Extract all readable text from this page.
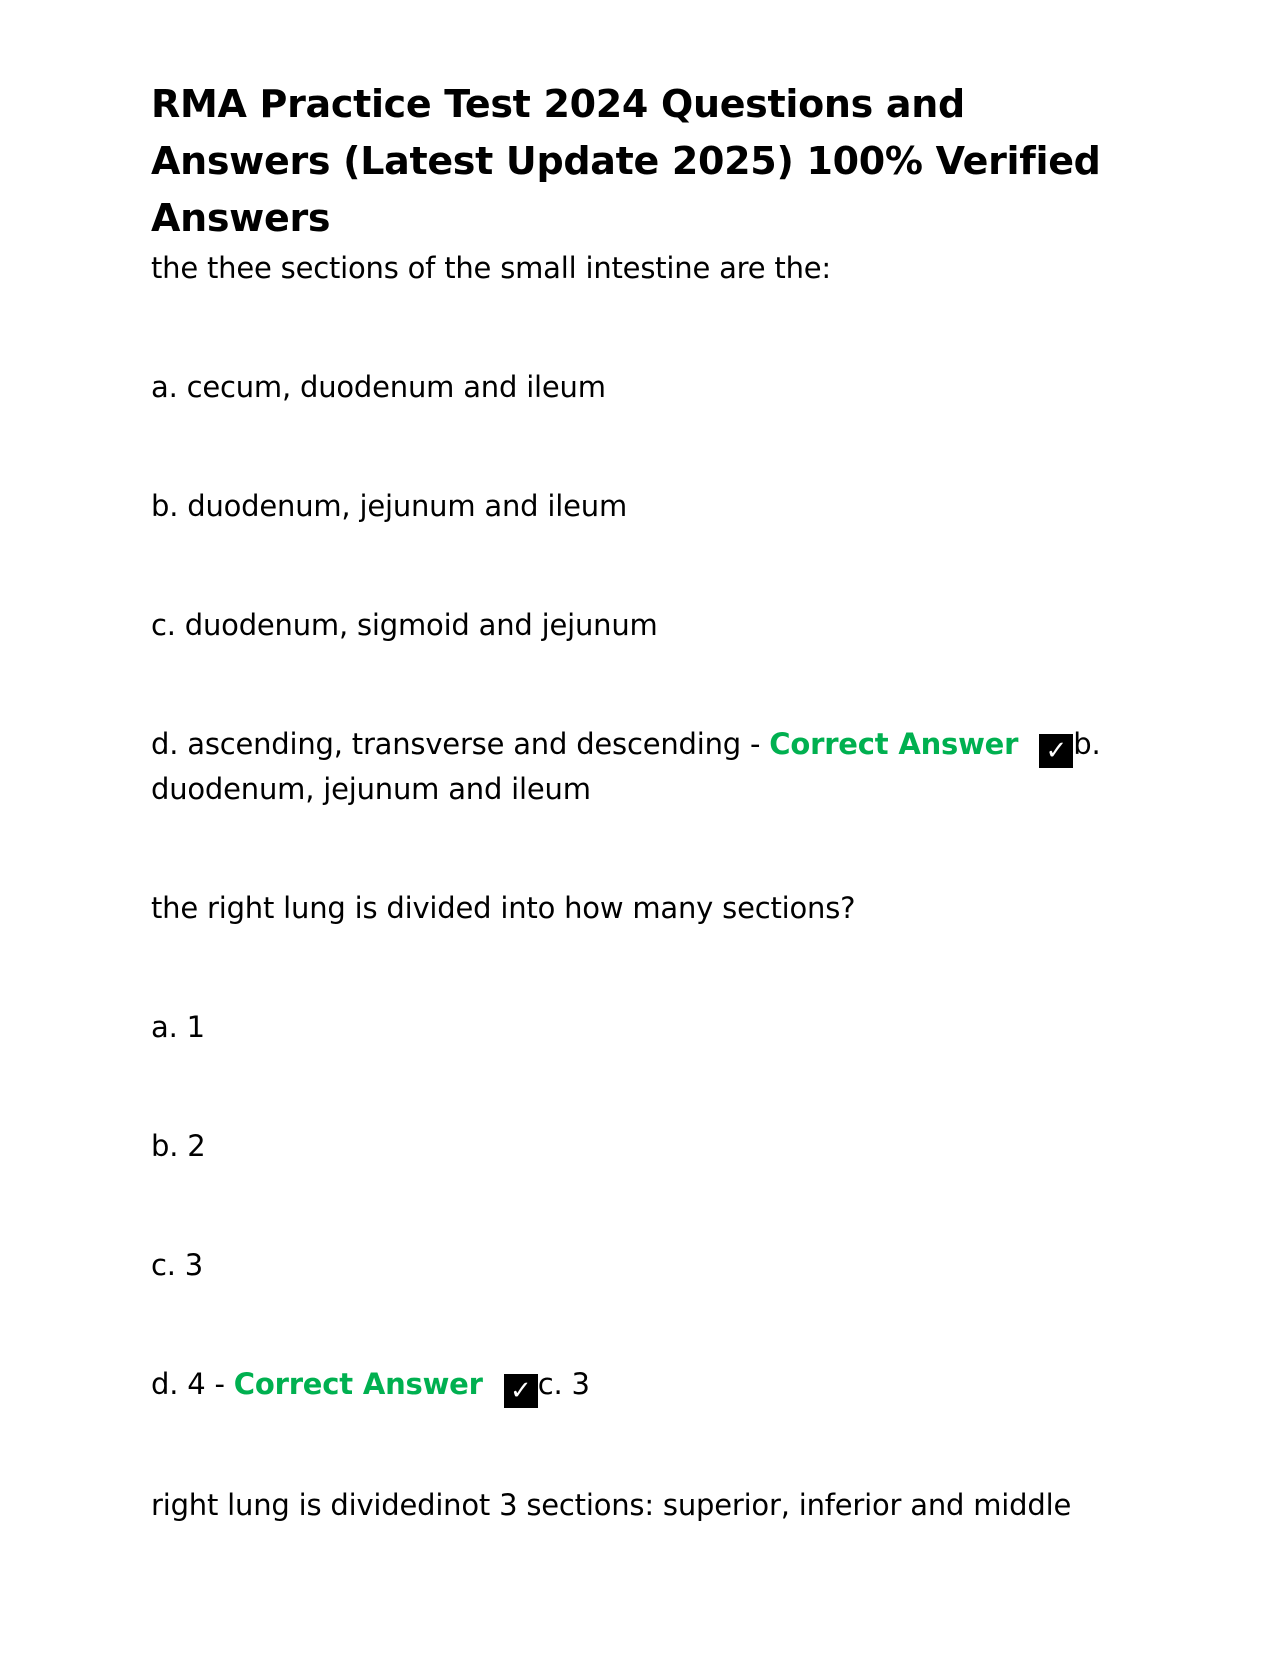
RMA Practice Test 2024 Questions and Answers (Latest Update 2025) 100% Verified Answers

the thee sections of the small intestine are the:

a. cecum, duodenum and ileum

b. duodenum, jejunum and ileum

c. duodenum, sigmoid and jejunum

d. ascending, transverse and descending - Correct Answer ✓ b. duodenum, jejunum and ileum

the right lung is divided into how many sections?

a. 1

b. 2

c. 3

d. 4 - Correct Answer ✓ c. 3

right lung is dividedinot 3 sections: superior, inferior and middle
